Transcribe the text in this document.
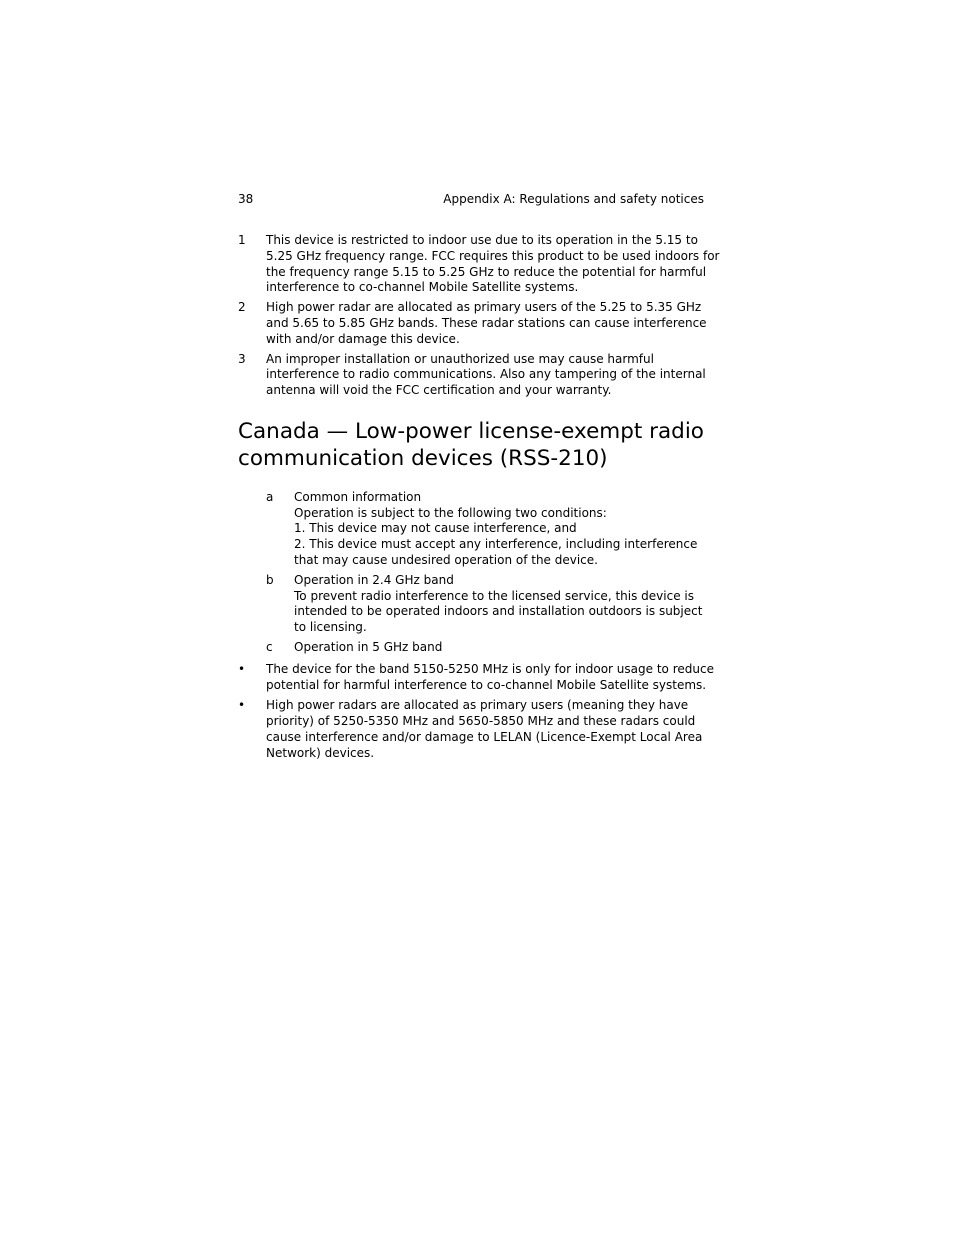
38	Appendix A: Regulations and safety notices
1 This device is restricted to indoor use due to its operation in the 5.15 to
5.25 GHz frequency range. FCC requires this product to be used indoors for
the frequency range 5.15 to 5.25 GHz to reduce the potential for harmful
interference to co-channel Mobile Satellite systems.
2 High power radar are allocated as primary users of the 5.25 to 5.35 GHz
and 5.65 to 5.85 GHz bands. These radar stations can cause interference
with and/or damage this device.
3 An improper installation or unauthorized use may cause harmful
interference to radio communications. Also any tampering of the internal
antenna will void the FCC certification and your warranty.
Canada — Low-power license-exempt radio
communication devices (RSS-210)
a Common information
Operation is subject to the following two conditions:
1. This device may not cause interference, and
2. This device must accept any interference, including interference
that may cause undesired operation of the device.
b Operation in 2.4 GHz band
To prevent radio interference to the licensed service, this device is
intended to be operated indoors and installation outdoors is subject
to licensing.
c Operation in 5 GHz band
• The device for the band 5150-5250 MHz is only for indoor usage to reduce
potential for harmful interference to co-channel Mobile Satellite systems.
• High power radars are allocated as primary users (meaning they have
priority) of 5250-5350 MHz and 5650-5850 MHz and these radars could
cause interference and/or damage to LELAN (Licence-Exempt Local Area
Network) devices.
